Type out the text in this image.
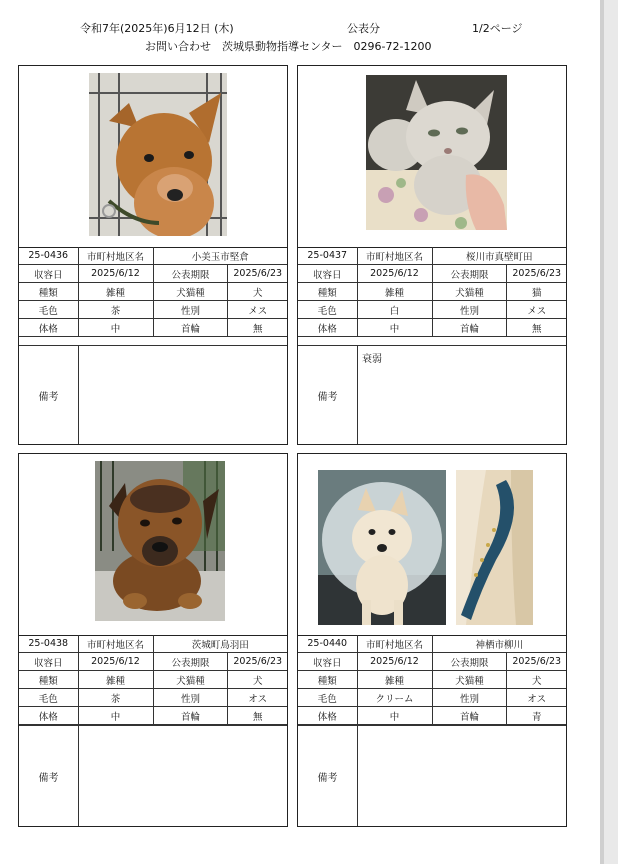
令和7年(2025年)6月12日 (木)	公表分	1/2ページ
お問い合わせ　茨城県動物指導センター　0296-72-1200
25-0436	市町村地区名	小美玉市堅倉	
収容日	2025/6/12	公表期限	2025/6/23
種類	雑種	犬猫種	犬
毛色	茶	性別	メス
体格	中	首輪	無
備考
25-0437	市町村地区名	桜川市真壁町田	
収容日	2025/6/12	公表期限	2025/6/23
種類	雑種	犬猫種	猫
毛色	白	性別	メス
体格	中	首輪	無
備考
衰弱
25-0438	市町村地区名	茨城町鳥羽田	
収容日	2025/6/12	公表期限	2025/6/23
種類	雑種	犬猫種	犬
毛色	茶	性別	オス
体格	中	首輪	無
備考
25-0440	市町村地区名	神栖市柳川	
収容日	2025/6/12	公表期限	2025/6/23
種類	雑種	犬猫種	犬
毛色	クリーム	性別	オス
体格	中	首輪	青
備考
